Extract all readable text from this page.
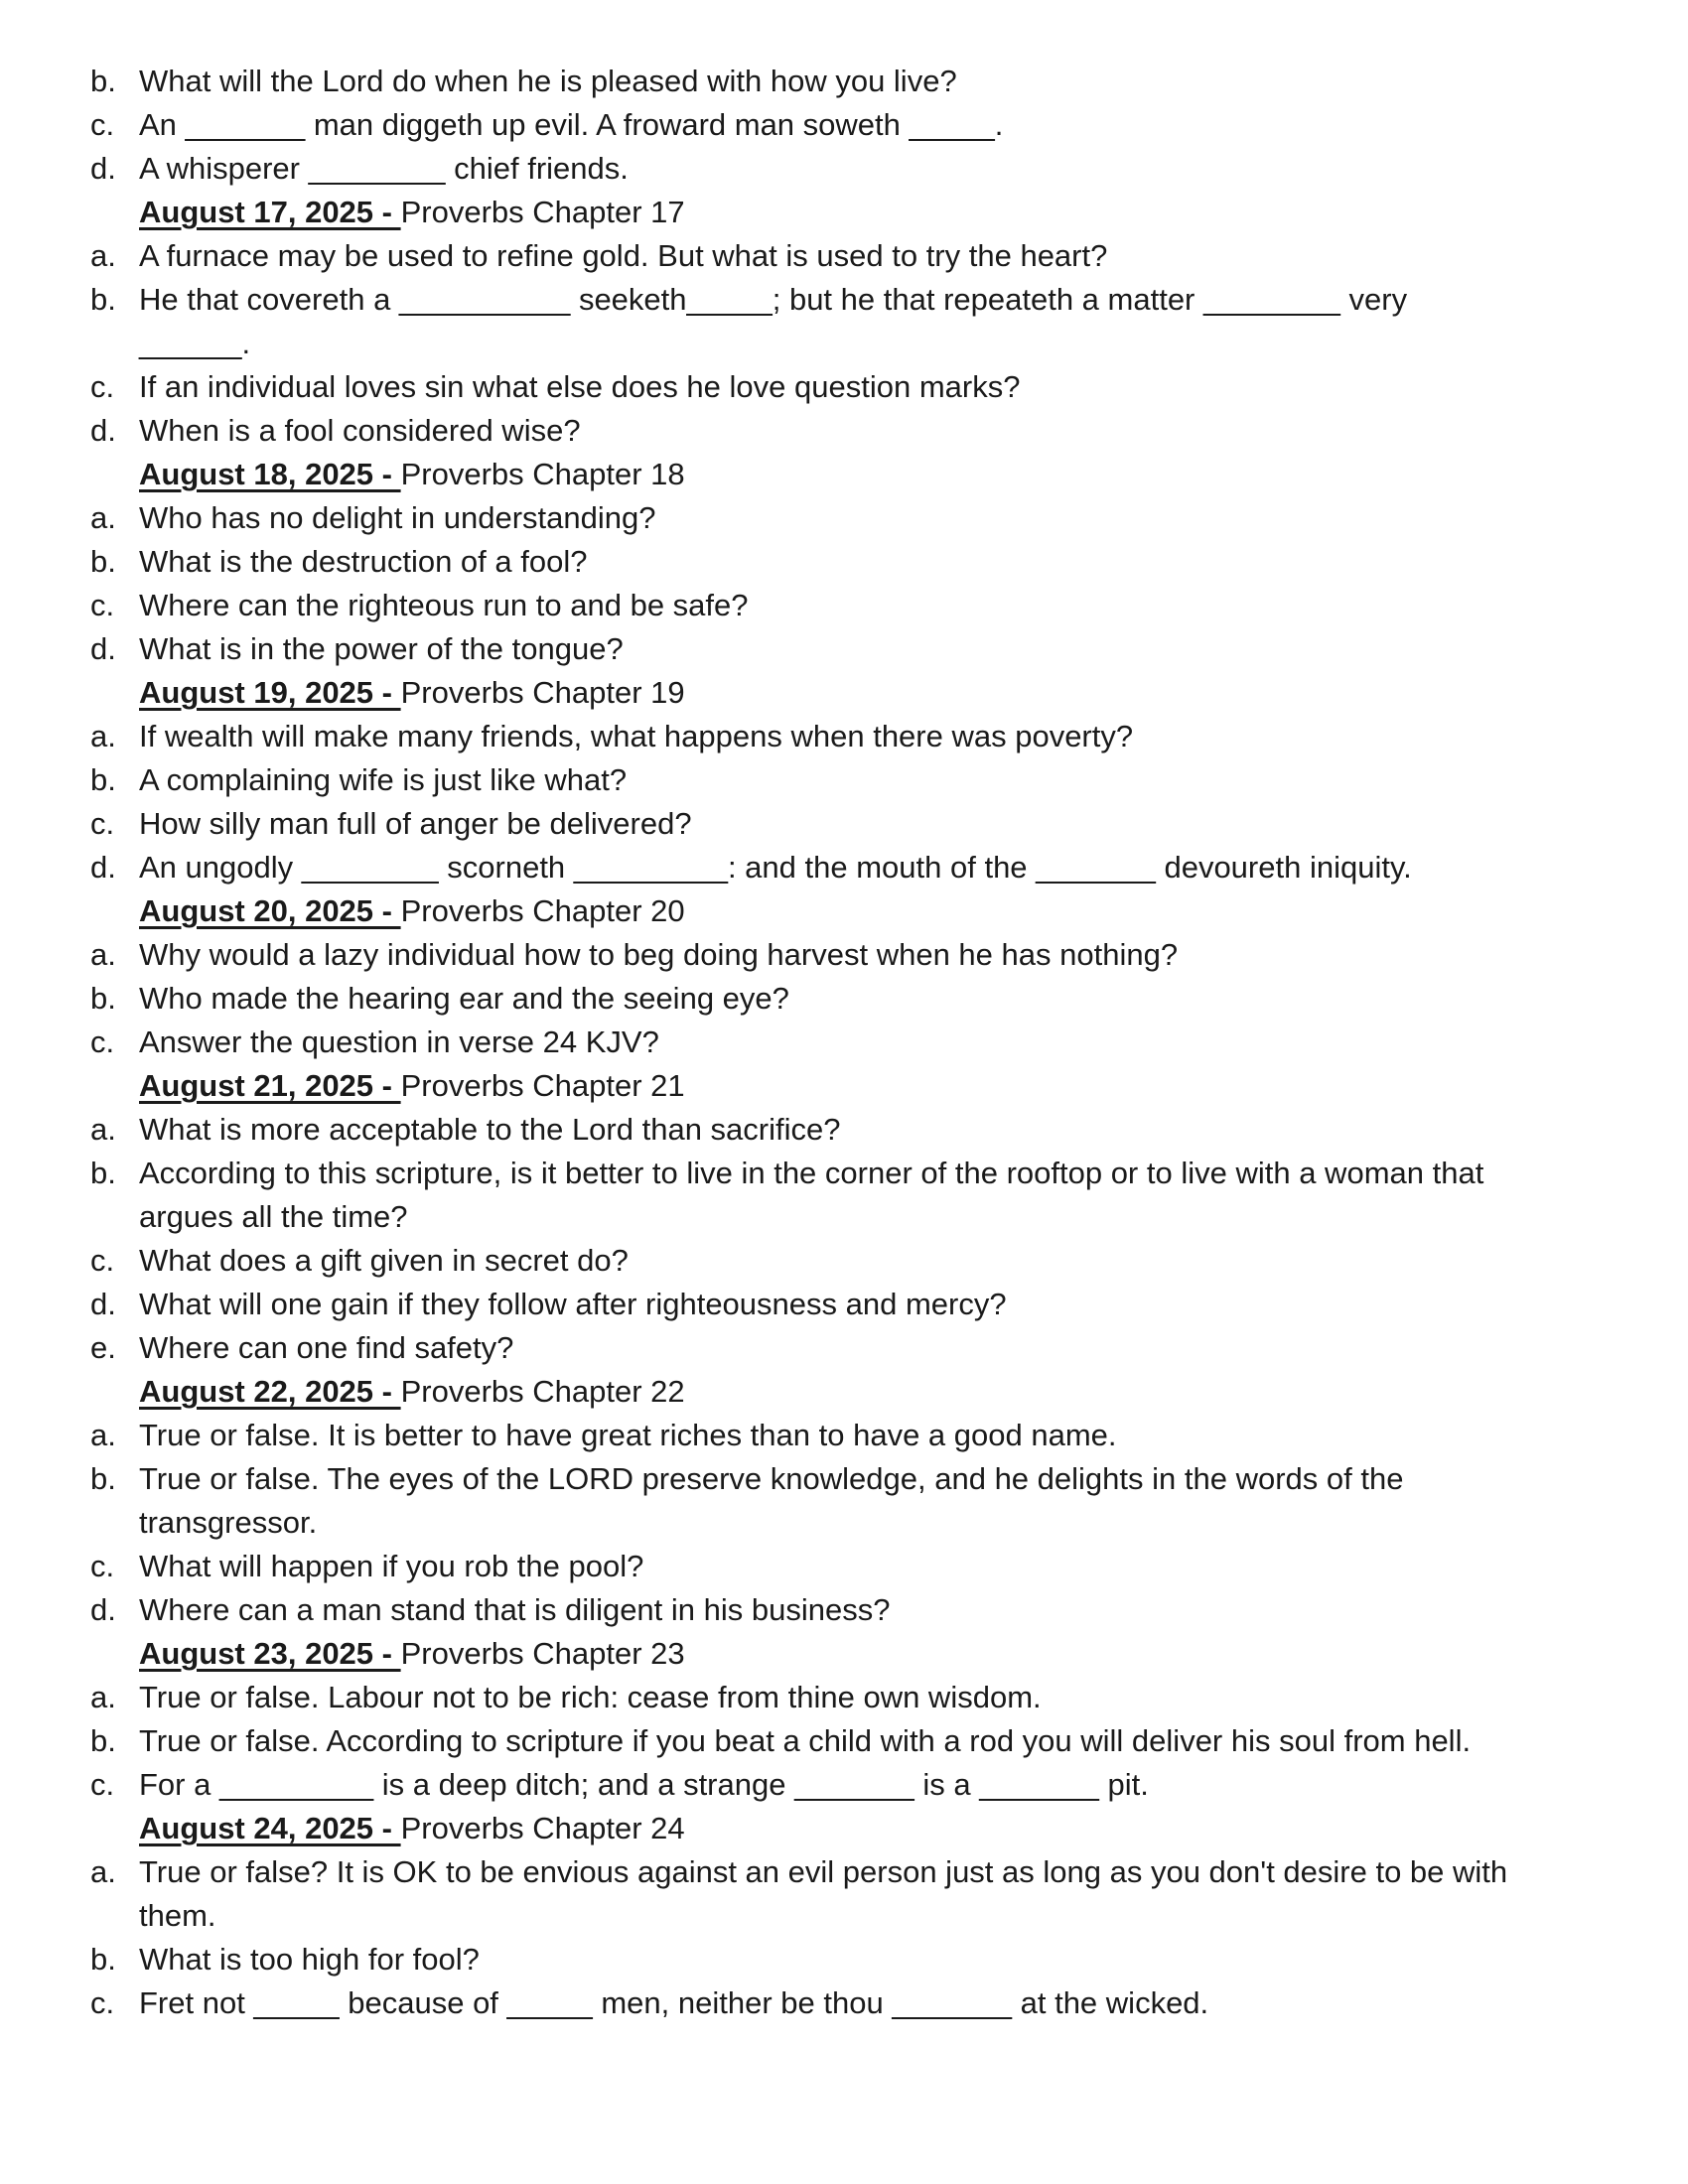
b. What will the Lord do when he is pleased with how you live?
c. An _______ man diggeth up evil. A froward man soweth _____.
d. A whisperer ________ chief friends.
August 17, 2025 - Proverbs Chapter 17
a. A furnace may be used to refine gold. But what is used to try the heart?
b. He that covereth a __________ seeketh_____; but he that repeateth a matter ________ very
______.
c. If an individual loves sin what else does he love question marks?
d. When is a fool considered wise?
August 18, 2025 - Proverbs Chapter 18
a. Who has no delight in understanding?
b. What is the destruction of a fool?
c. Where can the righteous run to and be safe?
d. What is in the power of the tongue?
August 19, 2025 - Proverbs Chapter 19
a. If wealth will make many friends, what happens when there was poverty?
b. A complaining wife is just like what?
c. How silly man full of anger be delivered?
d. An ungodly ________ scorneth _________: and the mouth of the _______ devoureth iniquity.
August 20, 2025 - Proverbs Chapter 20
a. Why would a lazy individual how to beg doing harvest when he has nothing?
b. Who made the hearing ear and the seeing eye?
c. Answer the question in verse 24 KJV?
August 21, 2025 - Proverbs Chapter 21
a. What is more acceptable to the Lord than sacrifice?
b. According to this scripture, is it better to live in the corner of the rooftop or to live with a woman that
argues all the time?
c. What does a gift given in secret do?
d. What will one gain if they follow after righteousness and mercy?
e. Where can one find safety?
August 22, 2025 - Proverbs Chapter 22
a. True or false. It is better to have great riches than to have a good name.
b. True or false. The eyes of the LORD preserve knowledge, and he delights in the words of the
transgressor.
c. What will happen if you rob the pool?
d. Where can a man stand that is diligent in his business?
August 23, 2025 - Proverbs Chapter 23
a. True or false. Labour not to be rich: cease from thine own wisdom.
b. True or false. According to scripture if you beat a child with a rod you will deliver his soul from hell.
c. For a _________ is a deep ditch; and a strange _______ is a _______ pit.
August 24, 2025 - Proverbs Chapter 24
a. True or false? It is OK to be envious against an evil person just as long as you don't desire to be with
them.
b. What is too high for fool?
c. Fret not _____ because of _____ men, neither be thou _______ at the wicked.
